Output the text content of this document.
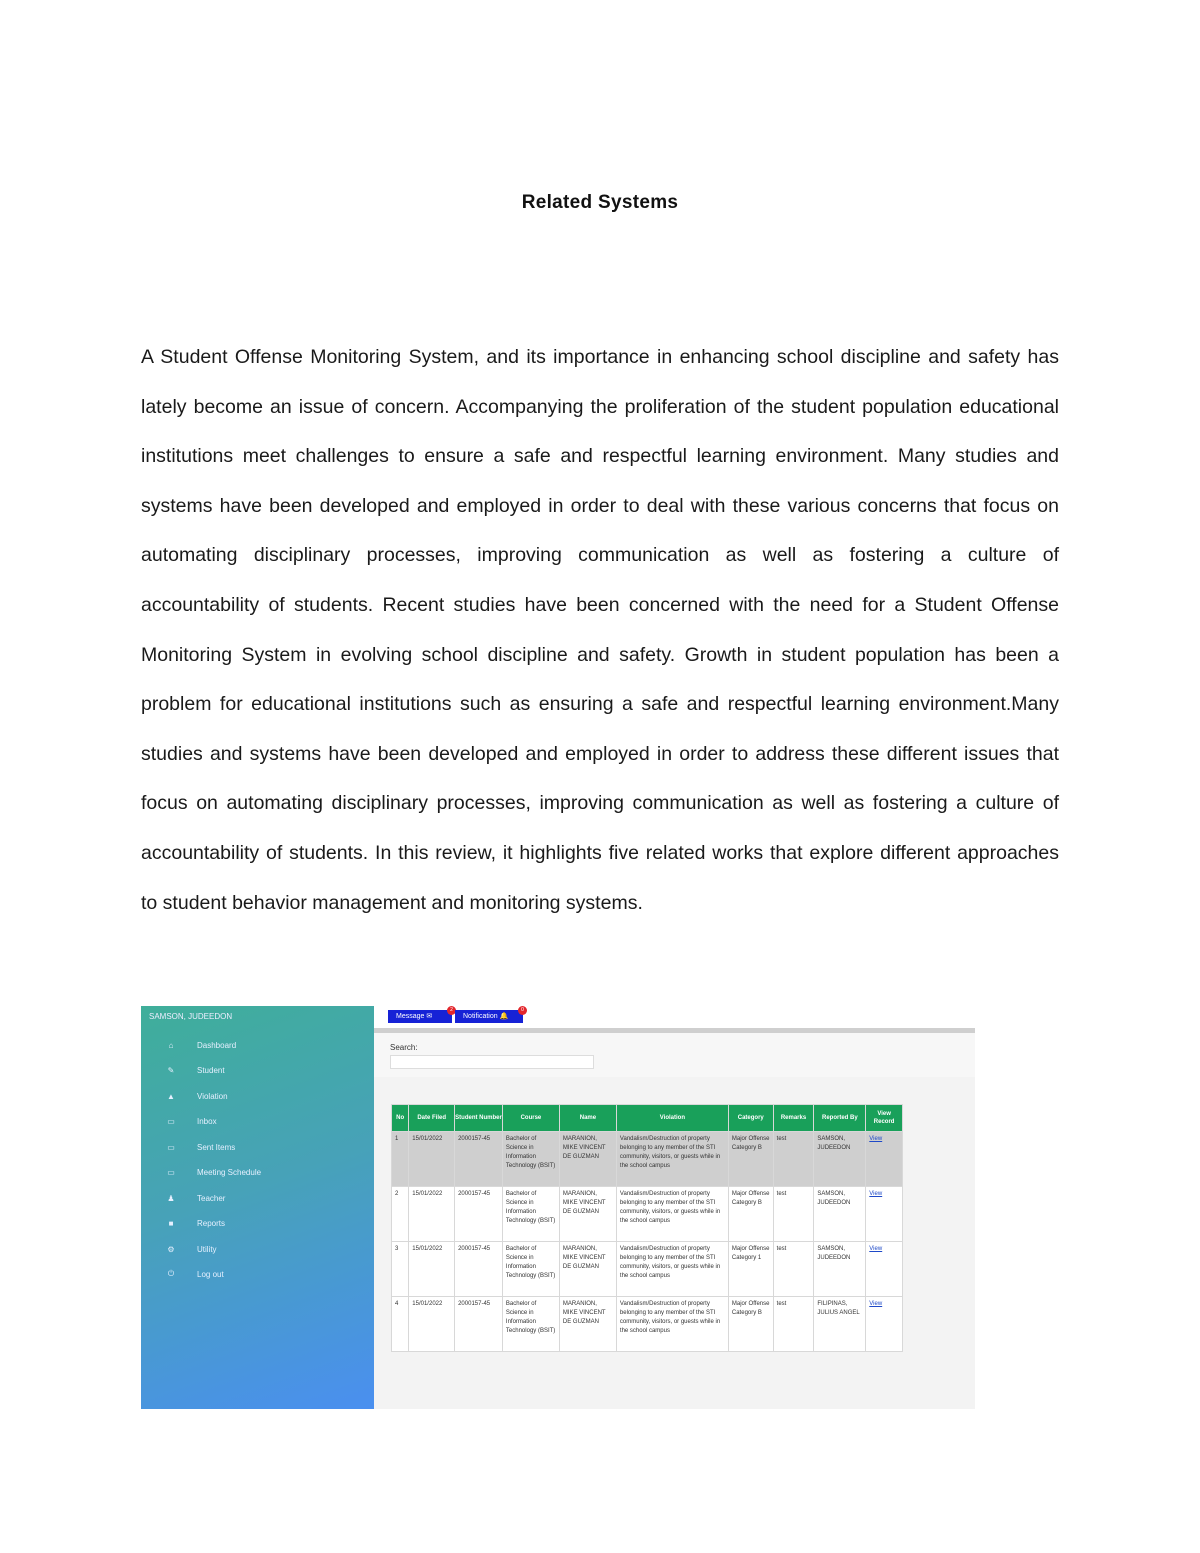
Related Systems

A Student Offense Monitoring System, and its importance in enhancing school discipline and safety has lately become an issue of concern. Accompanying the proliferation of the student population educational institutions meet challenges to ensure a safe and respectful learning environment. Many studies and systems have been developed and employed in order to deal with these various concerns that focus on automating disciplinary processes, improving communication as well as fostering a culture of accountability of students. Recent studies have been concerned with the need for a Student Offense Monitoring System in evolving school discipline and safety. Growth in student population has been a problem for educational institutions such as ensuring a safe and respectful learning environment.Many studies and systems have been developed and employed in order to address these different issues that focus on automating disciplinary processes, improving communication as well as fostering a culture of accountability of students. In this review, it highlights five related works that explore different approaches to student behavior management and monitoring systems.

SAMSON, JUDEEDON
⌂	Dashboard
✎	Student
▲	Violation
▭	Inbox
▭	Sent Items
▭	Meeting Schedule
♟	Teacher
■	Reports
⚙	Utility
⏻	Log out
Message ✉
2
Notification 🔔
0
Search:
No	Date Filed	Student Number	Course	Name	Violation	Category	Remarks	Reported By	View Record
1	15/01/2022	2000157-45	Bachelor of Science in Information Technology (BSIT)	MARANION, MIKE VINCENT DE GUZMAN	Vandalism/Destruction of property belonging to any member of the STI community, visitors, or guests while in the school campus	Major Offense Category B	test	SAMSON, JUDEEDON	View
2	15/01/2022	2000157-45	Bachelor of Science in Information Technology (BSIT)	MARANION, MIKE VINCENT DE GUZMAN	Vandalism/Destruction of property belonging to any member of the STI community, visitors, or guests while in the school campus	Major Offense Category B	test	SAMSON, JUDEEDON	View
3	15/01/2022	2000157-45	Bachelor of Science in Information Technology (BSIT)	MARANION, MIKE VINCENT DE GUZMAN	Vandalism/Destruction of property belonging to any member of the STI community, visitors, or guests while in the school campus	Major Offense Category 1	test	SAMSON, JUDEEDON	View
4	15/01/2022	2000157-45	Bachelor of Science in Information Technology (BSIT)	MARANION, MIKE VINCENT DE GUZMAN	Vandalism/Destruction of property belonging to any member of the STI community, visitors, or guests while in the school campus	Major Offense Category B	test	FILIPINAS, JULIUS ANGEL	View
